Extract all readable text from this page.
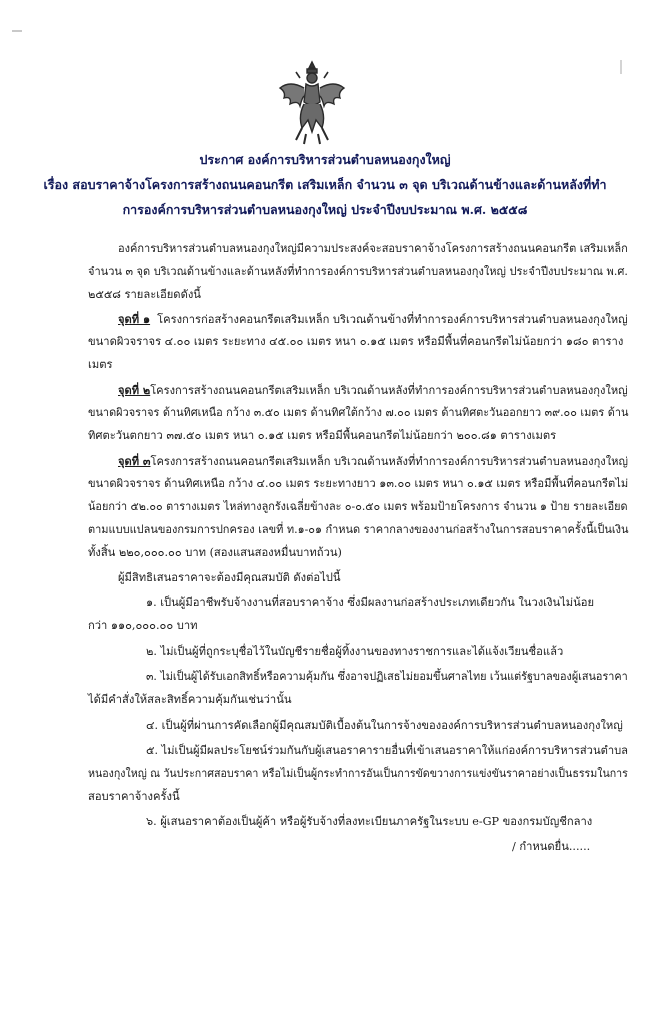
ประกาศ องค์การบริหารส่วนตำบลหนองกุงใหญ่
เรื่อง สอบราคาจ้างโครงการสร้างถนนคอนกรีต เสริมเหล็ก จำนวน ๓ จุด บริเวณด้านข้างและด้านหลังที่ทำ
การองค์การบริหารส่วนตำบลหนองกุงใหญ่ ประจำปีงบประมาณ พ.ศ. ๒๕๕๘
องค์การบริหารส่วนตำบลหนองกุงใหญ่มีความประสงค์จะสอบราคาจ้างโครงการสร้างถนนคอนกรีต เสริมเหล็ก
จำนวน ๓ จุด บริเวณด้านข้างและด้านหลังที่ทำการองค์การบริหารส่วนตำบลหนองกุงใหญ่ ประจำปีงบประมาณ พ.ศ.
๒๕๕๘ รายละเอียดดังนี้
จุดที่ ๑ โครงการก่อสร้างคอนกรีตเสริมเหล็ก บริเวณด้านข้างที่ทำการองค์การบริหารส่วนตำบลหนองกุงใหญ่
ขนาดผิวจราจร ๔.๐๐ เมตร ระยะทาง ๔๕.๐๐ เมตร หนา ๐.๑๕ เมตร หรือมีพื้นที่คอนกรีตไม่น้อยกว่า ๑๘๐ ตาราง
เมตร
จุดที่ ๒โครงการสร้างถนนคอนกรีตเสริมเหล็ก บริเวณด้านหลังที่ทำการองค์การบริหารส่วนตำบลหนองกุงใหญ่
ขนาดผิวจราจร ด้านทิศเหนือ กว้าง ๓.๕๐ เมตร ด้านทิศใต้กว้าง ๗.๐๐ เมตร ด้านทิศตะวันออกยาว ๓๙.๐๐ เมตร ด้าน
ทิศตะวันตกยาว ๓๗.๕๐ เมตร หนา ๐.๑๕ เมตร หรือมีพื้นคอนกรีตไม่น้อยกว่า ๒๐๐.๘๑ ตารางเมตร
จุดที่ ๓โครงการสร้างถนนคอนกรีตเสริมเหล็ก บริเวณด้านหลังที่ทำการองค์การบริหารส่วนตำบลหนองกุงใหญ่
ขนาดผิวจราจร ด้านทิศเหนือ กว้าง ๔.๐๐ เมตร ระยะทางยาว ๑๓.๐๐ เมตร หนา ๐.๑๕ เมตร หรือมีพื้นที่คอนกรีตไม่
น้อยกว่า ๕๒.๐๐ ตารางเมตร ไหล่ทางลูกรังเฉลี่ยข้างละ ๐-๐.๕๐ เมตร พร้อมป้ายโครงการ จำนวน ๑ ป้าย รายละเอียด
ตามแบบแปลนของกรมการปกครอง เลขที่ ท.๑-๐๑ กำหนด ราคากลางของงานก่อสร้างในการสอบราคาครั้งนี้เป็นเงิน
ทั้งสิ้น ๒๒๐,๐๐๐.๐๐ บาท (สองแสนสองหมื่นบาทถ้วน)
ผู้มีสิทธิเสนอราคาจะต้องมีคุณสมบัติ ดังต่อไปนี้
๑. เป็นผู้มีอาชีพรับจ้างงานที่สอบราคาจ้าง ซึ่งมีผลงานก่อสร้างประเภทเดียวกัน ในวงเงินไม่น้อย
กว่า ๑๑๐,๐๐๐.๐๐ บาท
๒. ไม่เป็นผู้ที่ถูกระบุชื่อไว้ในบัญชีรายชื่อผู้ทิ้งงานของทางราชการและได้แจ้งเวียนชื่อแล้ว
๓. ไม่เป็นผู้ได้รับเอกสิทธิ์หรือความคุ้มกัน ซึ่งอาจปฏิเสธไม่ยอมขึ้นศาลไทย เว้นแต่รัฐบาลของผู้เสนอราคา
ได้มีคำสั่งให้สละสิทธิ์ความคุ้มกันเช่นว่านั้น
๔. เป็นผู้ที่ผ่านการคัดเลือกผู้มีคุณสมบัติเบื้องต้นในการจ้างขององค์การบริหารส่วนตำบลหนองกุงใหญ่
๕. ไม่เป็นผู้มีผลประโยชน์ร่วมกันกับผู้เสนอราคารายอื่นที่เข้าเสนอราคาให้แก่องค์การบริหารส่วนตำบล
หนองกุงใหญ่ ณ วันประกาศสอบราคา หรือไม่เป็นผู้กระทำการอันเป็นการขัดขวางการแข่งขันราคาอย่างเป็นธรรมในการ
สอบราคาจ้างครั้งนี้
๖. ผู้เสนอราคาต้องเป็นผู้ค้า หรือผู้รับจ้างที่ลงทะเบียนภาครัฐในระบบ e-GP ของกรมบัญชีกลาง
/ กำหนดยื่น......
